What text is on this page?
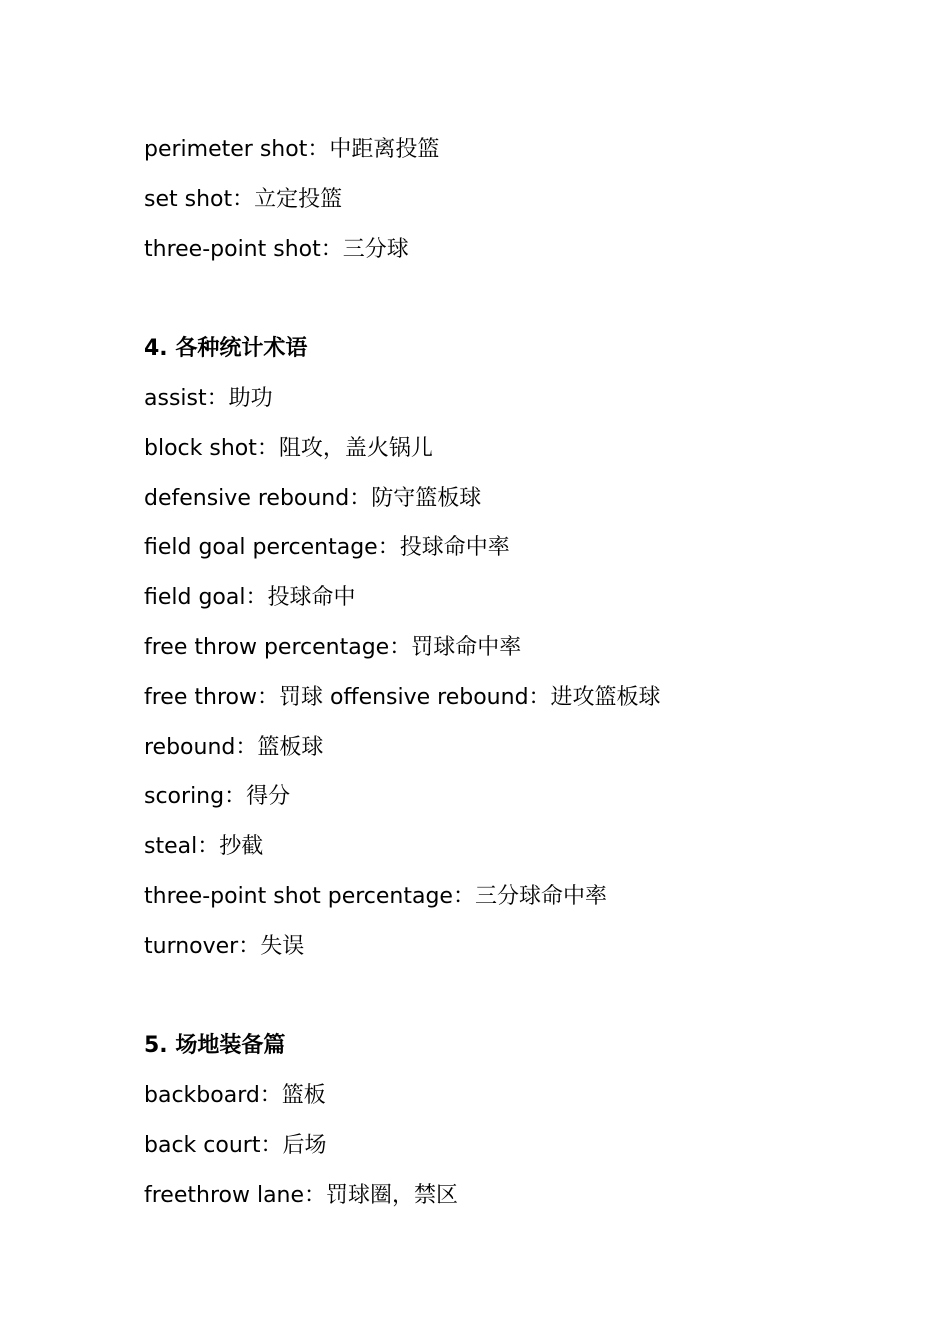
perimeter shot：中距离投篮
set shot：立定投篮
three-point shot：三分球
4. 各种统计术语
assist：助功
block shot：阻攻，盖火锅儿
defensive rebound：防守篮板球
field goal percentage：投球命中率
field goal：投球命中
free throw percentage：罚球命中率
free throw：罚球 offensive rebound：进攻篮板球
rebound：篮板球
scoring：得分
steal：抄截
three-point shot percentage：三分球命中率
turnover：失误
5. 场地装备篇
backboard：篮板
back court：后场
freethrow lane：罚球圈，禁区
